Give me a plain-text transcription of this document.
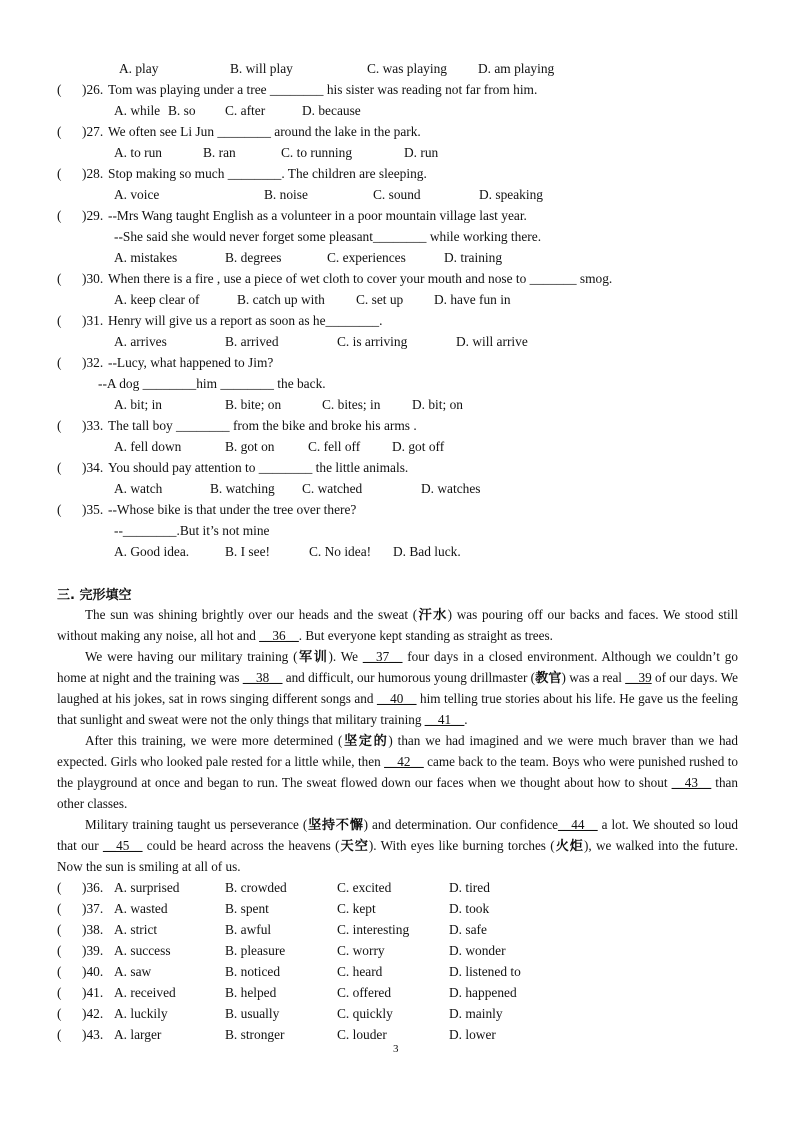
A. play	B. will play	C. was playing D. am playing
( )26. Tom was playing under a tree ________ his sister was reading not far from him.
A. while B. so C. after	D. because
( )27. We often see Li Jun ________ around the lake in the park.
A. to run	B. ran	C. to running	D. run
( )28. Stop making so much ________. The children are sleeping.
A. voice	B. noise	C. sound	D. speaking
( )29. --Mrs Wang taught English as a volunteer in a poor mountain village last year.
--She said she would never forget some pleasant________ while working there.
A. mistakes	B. degrees	C. experiences	D. training
( )30. When there is a fire , use a piece of wet cloth to cover your mouth and nose to _______ smog.
A. keep clear of	B. catch up with C. set up D. have fun in
( )31. Henry will give us a report as soon as he________.
A. arrives	B. arrived	C. is arriving	D. will arrive
( )32. --Lucy, what happened to Jim?
--A dog ________him ________ the back.
A. bit; in	B. bite; on	C. bites; in D. bit; on
( )33. The tall boy ________ from the bike and broke his arms .
A. fell down	B. got on	C. fell off D. got off
( )34. You should pay attention to ________ the little animals.
A. watch	B. watching C. watched	D. watches
( )35. --Whose bike is that under the tree over there?
--________.But it’s not mine
A. Good idea.	B. I see!	C. No idea! D. Bad luck.
三. 完形填空

The sun was shining brightly over our heads and the sweat (汗水) was pouring off our backs and faces. We stood still without making any noise, all hot and __36__. But everyone kept standing as straight as trees.

We were having our military training (军训). We __37__ four days in a closed environment. Although we couldn’t go home at night and the training was __38__ and difficult, our humorous young drillmaster (教官) was a real __39 of our days. We laughed at his jokes, sat in rows singing different songs and __40__ him telling true stories about his life. He gave us the feeling that sunlight and sweat were not the only things that military training __41__.

After this training, we were more determined (坚定的) than we had imagined and we were much braver than we had expected. Girls who looked pale rested for a little while, then __42__ came back to the team. Boys who were punished rushed to the playground at once and began to run. The sweat flowed down our faces when we thought about how to shout __43__ than other classes.

Military training taught us perseverance (坚持不懈) and determination. Our confidence__44__ a lot. We shouted so loud that our __45__ could be heard across the heavens (天空). With eyes like burning torches (火炬), we walked into the future. Now the sun is smiling at all of us.

( )36. A. surprised	B. crowded	C. excited	D. tired
( )37. A. wasted	B. spent	C. kept	D. took
( )38. A. strict	B. awful	C. interesting	D. safe
( )39. A. success	B. pleasure	C. worry	D. wonder
( )40. A. saw	B. noticed	C. heard	D. listened to
( )41. A. received	B. helped	C. offered	D. happened
( )42. A. luckily	B. usually	C. quickly	D. mainly
( )43. A. larger	B. stronger	C. louder	D. lower
3
